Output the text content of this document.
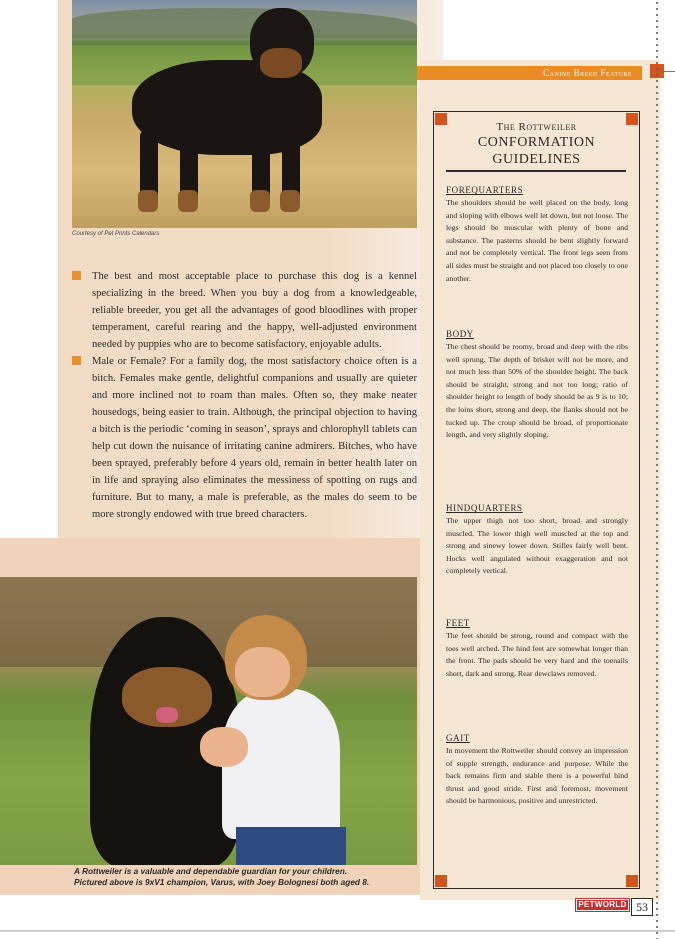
Courtesy of Pet Prints Calendars

The best and most acceptable place to purchase this dog is a kennel specializing in the breed. When you buy a dog from a knowledgeable, reliable breeder, you get all the advantages of good bloodlines with proper temperament, careful rearing and the happy, well-adjusted environment needed by puppies who are to become satisfactory, enjoyable adults.

Male or Female? For a family dog, the most satisfactory choice often is a bitch. Females make gentle, delightful companions and usually are quieter and more inclined not to roam than males. Often so, they make neater housedogs, being easier to train. Although, the principal objection to having a bitch is the periodic ‘coming in season’, sprays and chlorophyll tablets can help cut down the nuisance of irritating canine admirers. Bitches, who have been sprayed, preferably before 4 years old, remain in better health later on in life and spraying also eliminates the messiness of spotting on rugs and furniture. But to many, a male is preferable, as the males do seem to be more strongly endowed with true breed characters.

A Rottweiler is a valuable and dependable guardian for your children.
Pictured above is 9xV1 champion, Varus, with Joey Bolognesi both aged 8.
Canine Breed Feature
The Rottweiler
CONFORMATION
GUIDELINES
FOREQUARTERS
The shoulders should be well placed on the body, long and sloping with elbows well let down, but not loose. The legs should be muscular with plenty of bone and substance. The pasterns should be bent slightly forward and not be completely vertical. The front legs seen from all sides must be straight and not placed too closely to one another.
BODY
The chest should be roomy, broad and deep with the ribs well sprung. The depth of brisket will not be more, and not much less than 50% of the shoulder height. The back should be straight, strong and not too long; ratio of shoulder height to length of body should be as 9 is to 10; the loins short, strong and deep, the flanks should not be tucked up. The croup should be broad, of proportionate length, and very slightly sloping.
HINDQUARTERS
The upper thigh not too short, broad and strongly muscled. The lower thigh well muscled at the top and strong and sinewy lower down. Stifles fairly well bent. Hocks well angulated without exaggeration and not completely vertical.
FEET
The feet should be strong, round and compact with the toes well arched. The hind feet are somewhat longer than the front. The pads should be very hard and the toenails short, dark and strong. Rear dewclaws removed.
GAIT
In movement the Rottweiler should convey an impression of supple strength, endurance and purpose. While the back remains firm and stable there is a powerful hind thrust and good stride. First and foremost, movement should be harmonious, positive and unrestricted.
PETWORLD 53
